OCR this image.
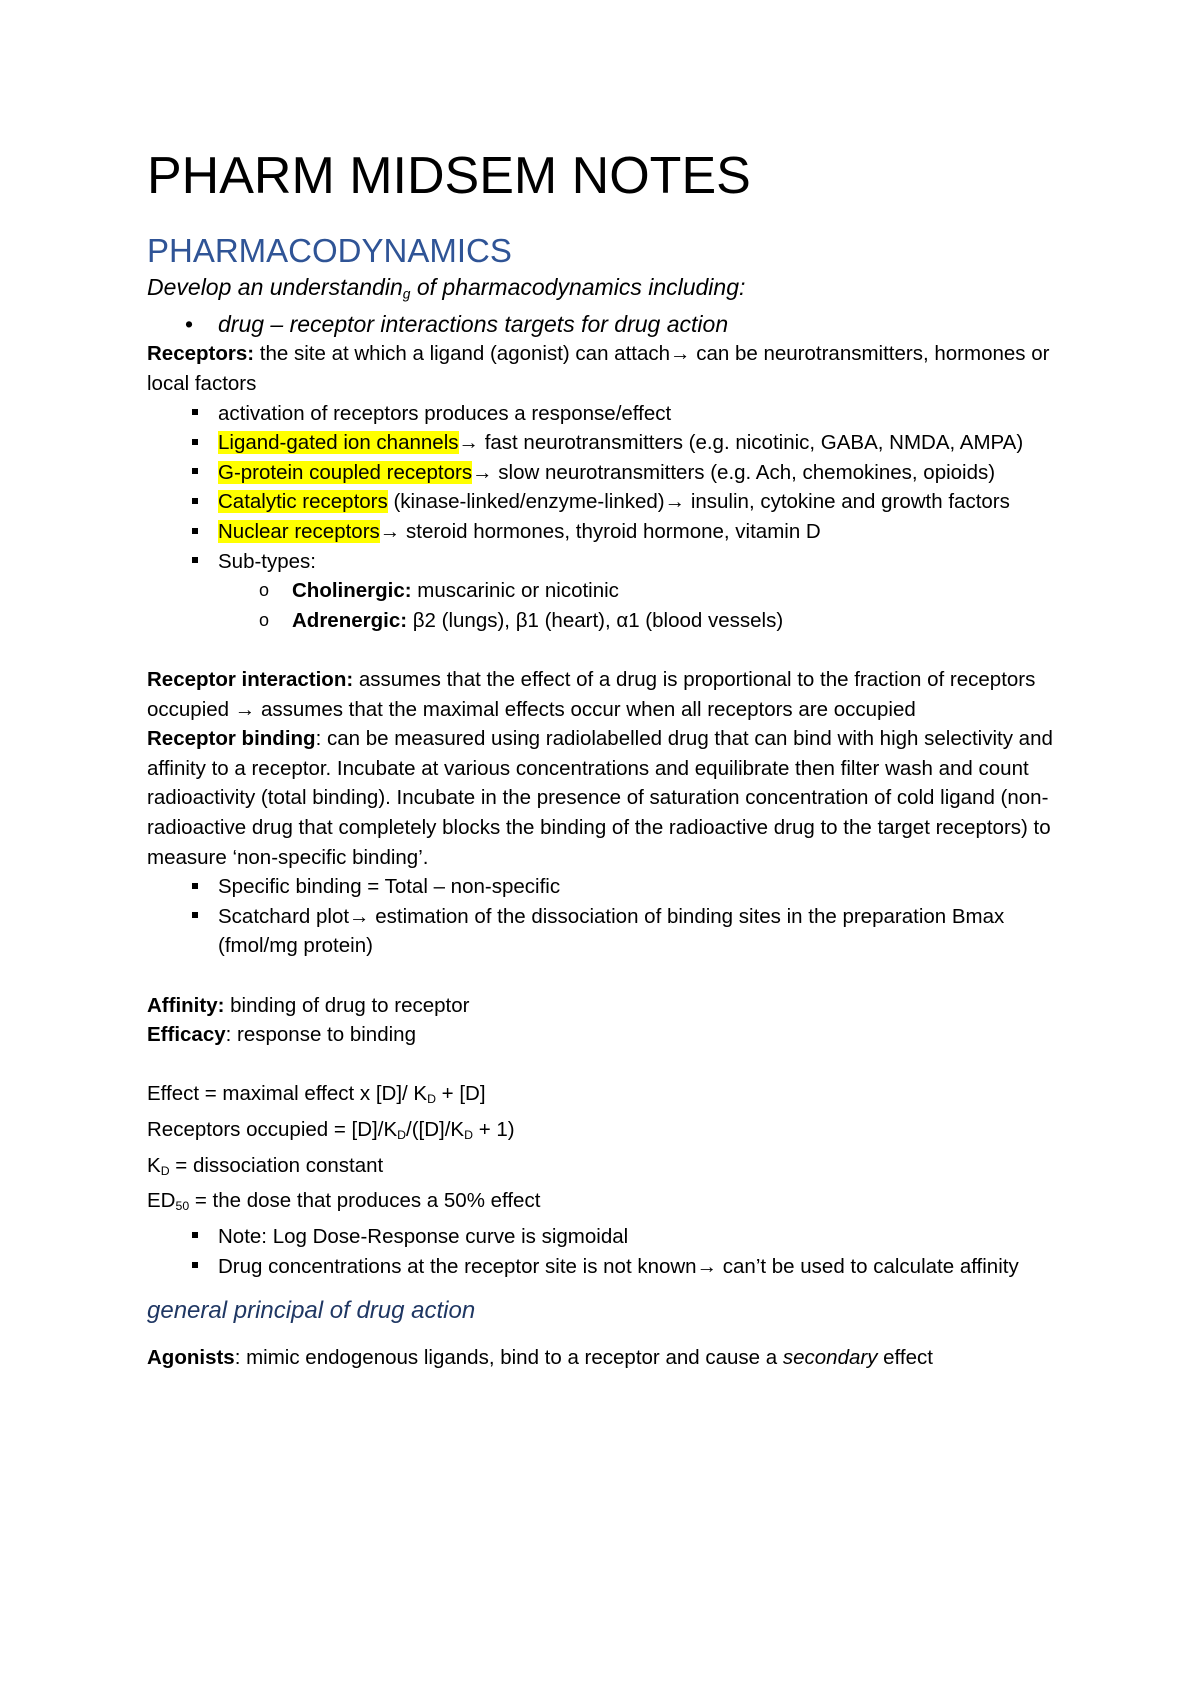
PHARM MIDSEM NOTES
PHARMACODYNAMICS
Develop an understandin$_g$ of pharmacodynamics including:
• drug – receptor interactions targets for drug action
Receptors: the site at which a ligand (agonist) can attach→ can be neurotransmitters, hormones or local factors
activation of receptors produces a response/effect
Ligand-gated ion channels→ fast neurotransmitters (e.g. nicotinic, GABA, NMDA, AMPA)
G-protein coupled receptors→ slow neurotransmitters (e.g. Ach, chemokines, opioids)
Catalytic receptors (kinase-linked/enzyme-linked)→ insulin, cytokine and growth factors
Nuclear receptors→ steroid hormones, thyroid hormone, vitamin D
Sub-types:
o Cholinergic: muscarinic or nicotinic
o Adrenergic: β2 (lungs), β1 (heart), α1 (blood vessels)
Receptor interaction: assumes that the effect of a drug is proportional to the fraction of receptors occupied → assumes that the maximal effects occur when all receptors are occupied
Receptor binding: can be measured using radiolabelled drug that can bind with high selectivity and affinity to a receptor. Incubate at various concentrations and equilibrate then filter wash and count radioactivity (total binding). Incubate in the presence of saturation concentration of cold ligand (non-radioactive drug that completely blocks the binding of the radioactive drug to the target receptors) to measure ‘non-specific binding’.
Specific binding = Total – non-specific
Scatchard plot→ estimation of the dissociation of binding sites in the preparation Bmax (fmol/mg protein)
Affinity: binding of drug to receptor
Efficacy: response to binding
Effect = maximal effect x [D]/ $K_D + [D]$
Receptors occupied = $[D]/K_D/([D]/K_D + 1)$
$K_D$ = dissociation constant
$ED_{50}$ = the dose that produces a 50% effect
Note: Log Dose-Response curve is sigmoidal
Drug concentrations at the receptor site is not known→ can’t be used to calculate affinity
general principal of drug action
Agonists: mimic endogenous ligands, bind to a receptor and cause a secondary effect
